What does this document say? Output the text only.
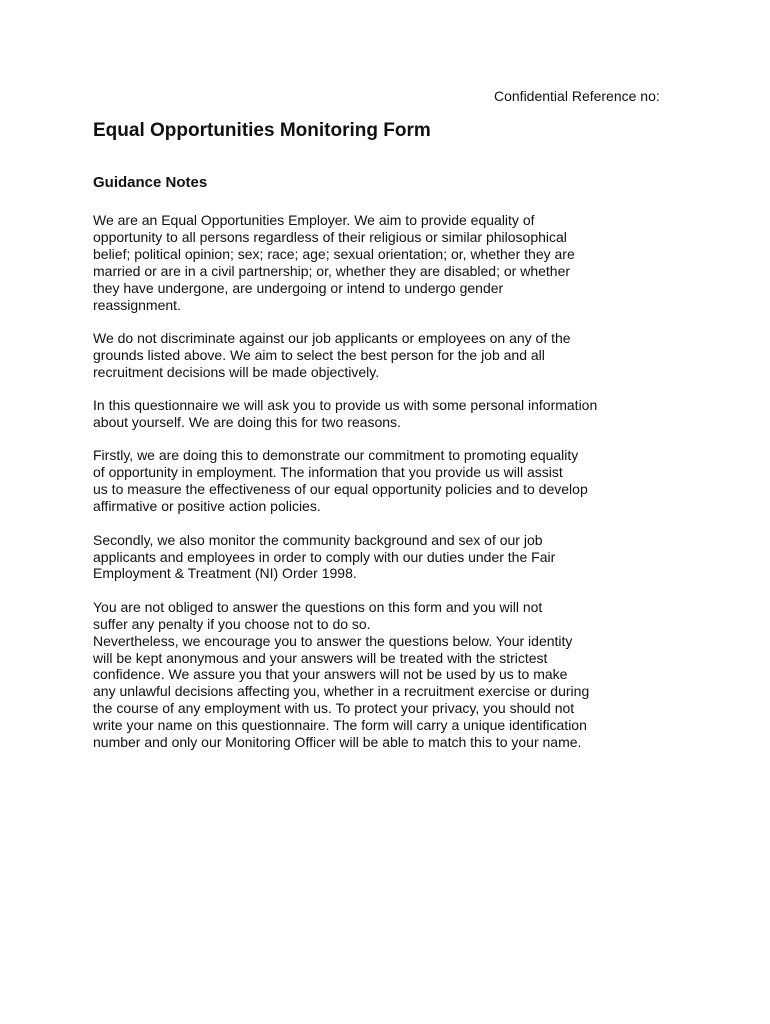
Confidential Reference no:
Equal Opportunities Monitoring Form
Guidance Notes

We are an Equal Opportunities Employer. We aim to provide equality of
opportunity to all persons regardless of their religious or similar philosophical
belief; political opinion; sex; race; age; sexual orientation; or, whether they are
married or are in a civil partnership; or, whether they are disabled; or whether
they have undergone, are undergoing or intend to undergo gender
reassignment.

We do not discriminate against our job applicants or employees on any of the
grounds listed above. We aim to select the best person for the job and all
recruitment decisions will be made objectively.

In this questionnaire we will ask you to provide us with some personal information
about yourself. We are doing this for two reasons.

Firstly, we are doing this to demonstrate our commitment to promoting equality
of opportunity in employment. The information that you provide us will assist
us to measure the effectiveness of our equal opportunity policies and to develop
affirmative or positive action policies.

Secondly, we also monitor the community background and sex of our job
applicants and employees in order to comply with our duties under the Fair
Employment & Treatment (NI) Order 1998.

You are not obliged to answer the questions on this form and you will not
suffer any penalty if you choose not to do so.
Nevertheless, we encourage you to answer the questions below. Your identity
will be kept anonymous and your answers will be treated with the strictest
confidence. We assure you that your answers will not be used by us to make
any unlawful decisions affecting you, whether in a recruitment exercise or during
the course of any employment with us. To protect your privacy, you should not
write your name on this questionnaire. The form will carry a unique identification
number and only our Monitoring Officer will be able to match this to your name.
